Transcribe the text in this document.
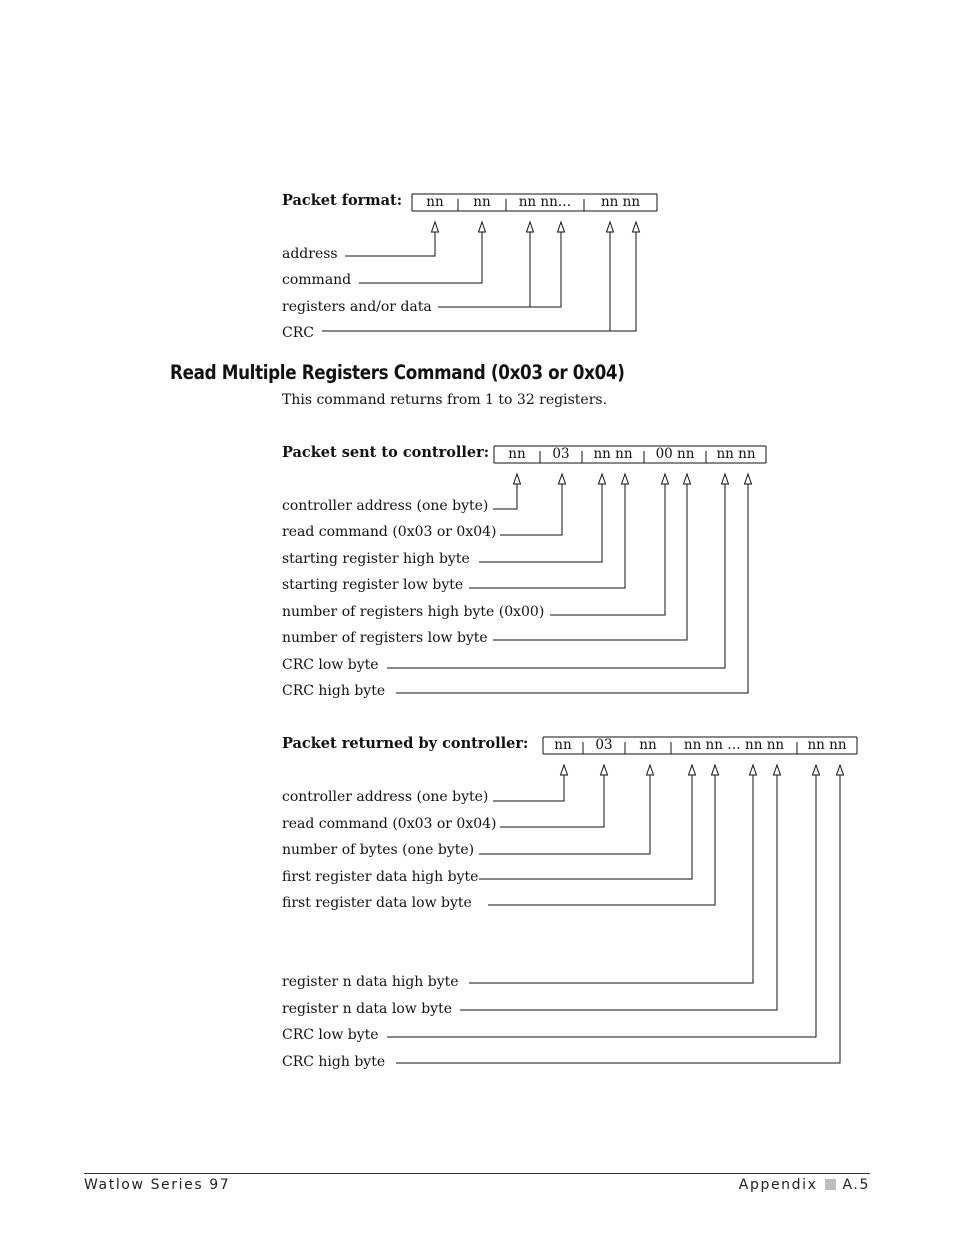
Packet format:	nn	nn	nn nn…	nn nn
address
command
registers and/or data
CRC
Read Multiple Registers Command (0x03 or 0x04)
This command returns from 1 to 32 registers.
Packet sent to controller:	nn	03	nn nn	00 nn	nn nn
controller address (one byte)
read command (0x03 or 0x04)
starting register high byte
starting register low byte
number of registers high byte (0x00)
number of registers low byte
CRC low byte
CRC high byte
Packet returned by controller:	nn	03	nn	nn nn … nn nn	nn nn
controller address (one byte)
read command (0x03 or 0x04)
number of bytes (one byte)
first register data high byte
first register data low byte
register n data high byte
register n data low byte
CRC low byte
CRC high byte
Watlow Series 97	Appendix A.5
